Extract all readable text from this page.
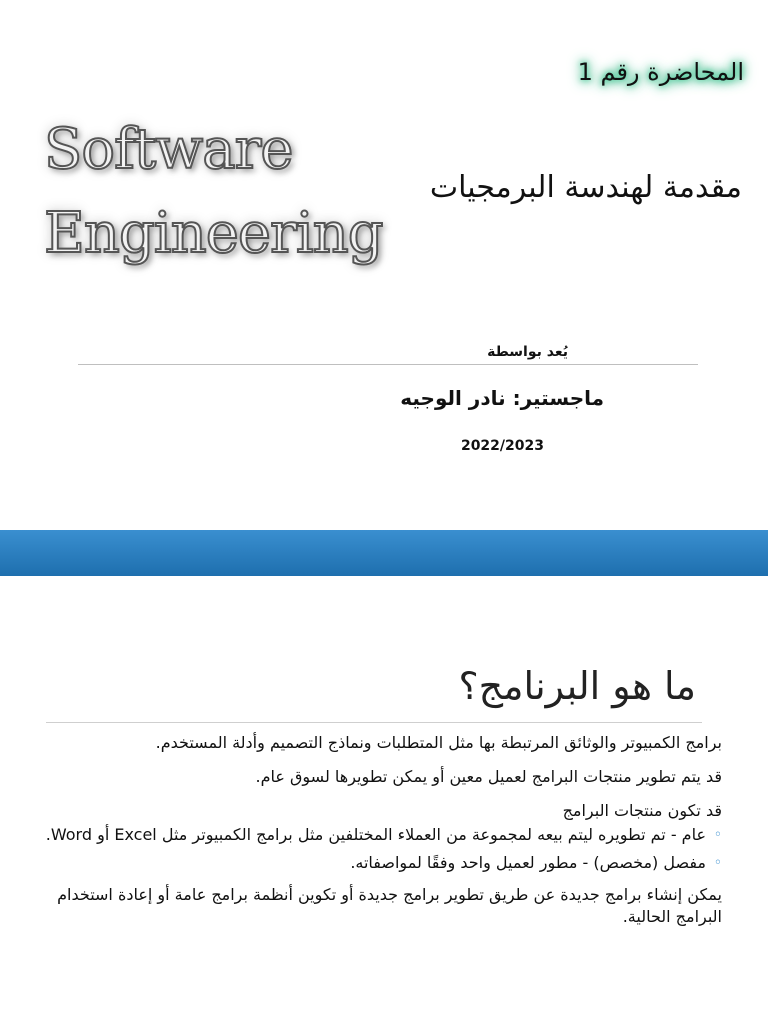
المحاضرة رقم 1
Software
Engineering
مقدمة لهندسة البرمجيات
يُعد بواسطة
ماجستير: نادر الوجيه
2022/2023
ما هو البرنامج؟

برامج الكمبيوتر والوثائق المرتبطة بها مثل المتطلبات ونماذج التصميم وأدلة المستخدم.

قد يتم تطوير منتجات البرامج لعميل معين أو يمكن تطويرها لسوق عام.

قد تكون منتجات البرامج

◦
عام - تم تطويره ليتم بيعه لمجموعة من العملاء المختلفين مثل برامج الكمبيوتر مثل Excel أو Word.
◦
مفصل (مخصص) - مطور لعميل واحد وفقًا لمواصفاته.

يمكن إنشاء برامج جديدة عن طريق تطوير برامج جديدة أو تكوين أنظمة برامج عامة أو إعادة استخدام البرامج الحالية.
